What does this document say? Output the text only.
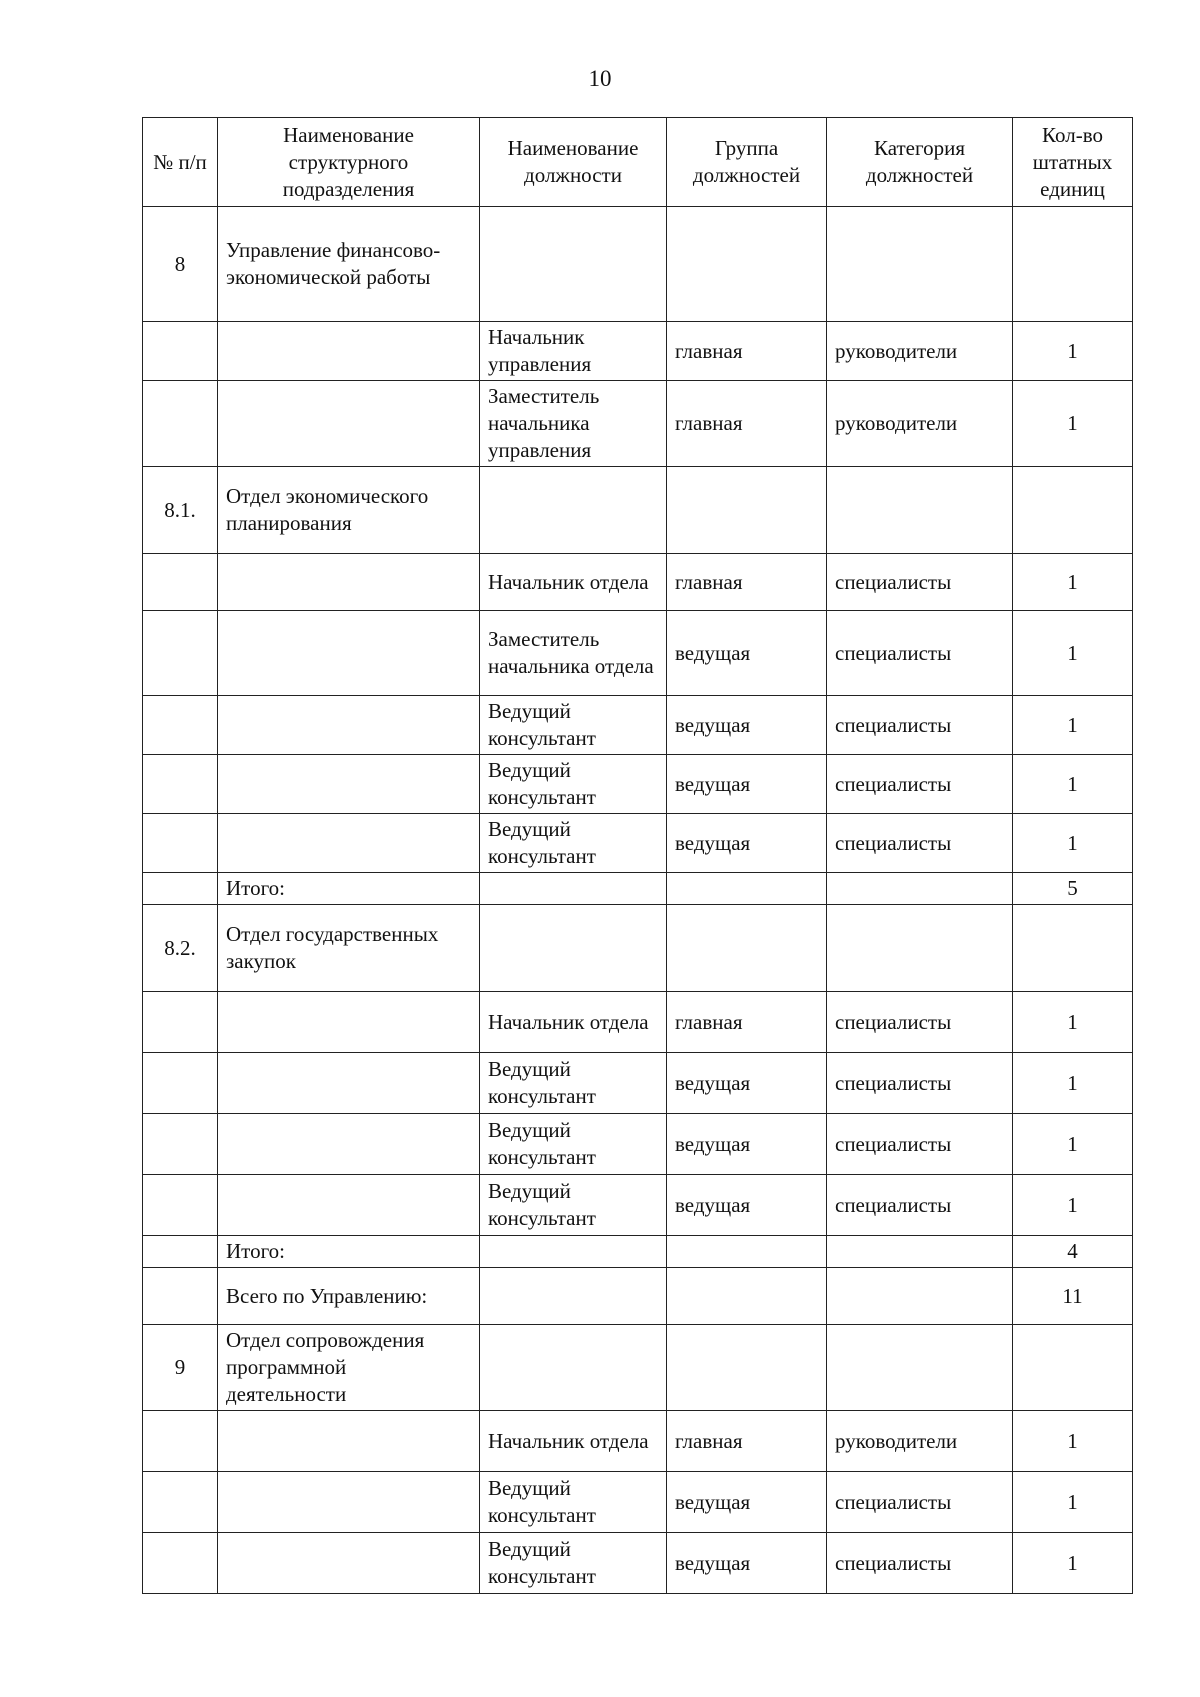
10
№ п/п	Наименование структурного подразделения	Наименование должности	Группа должностей	Категория должностей	Кол-во штатных единиц
8	Управление финансово-экономической работы				
		Начальник управления	главная	руководители	1
		Заместитель начальника управления	главная	руководители	1
8.1.	Отдел экономического планирования				
		Начальник отдела	главная	специалисты	1
		Заместитель начальника отдела	ведущая	специалисты	1
		Ведущий консультант	ведущая	специалисты	1
		Ведущий консультант	ведущая	специалисты	1
		Ведущий консультант	ведущая	специалисты	1
	Итого:				5
8.2.	Отдел государственных закупок				
		Начальник отдела	главная	специалисты	1
		Ведущий консультант	ведущая	специалисты	1
		Ведущий консультант	ведущая	специалисты	1
		Ведущий консультант	ведущая	специалисты	1
	Итого:				4
	Всего по Управлению:				11
9	Отдел сопровождения программной деятельности				
		Начальник отдела	главная	руководители	1
		Ведущий консультант	ведущая	специалисты	1
		Ведущий консультант	ведущая	специалисты	1
